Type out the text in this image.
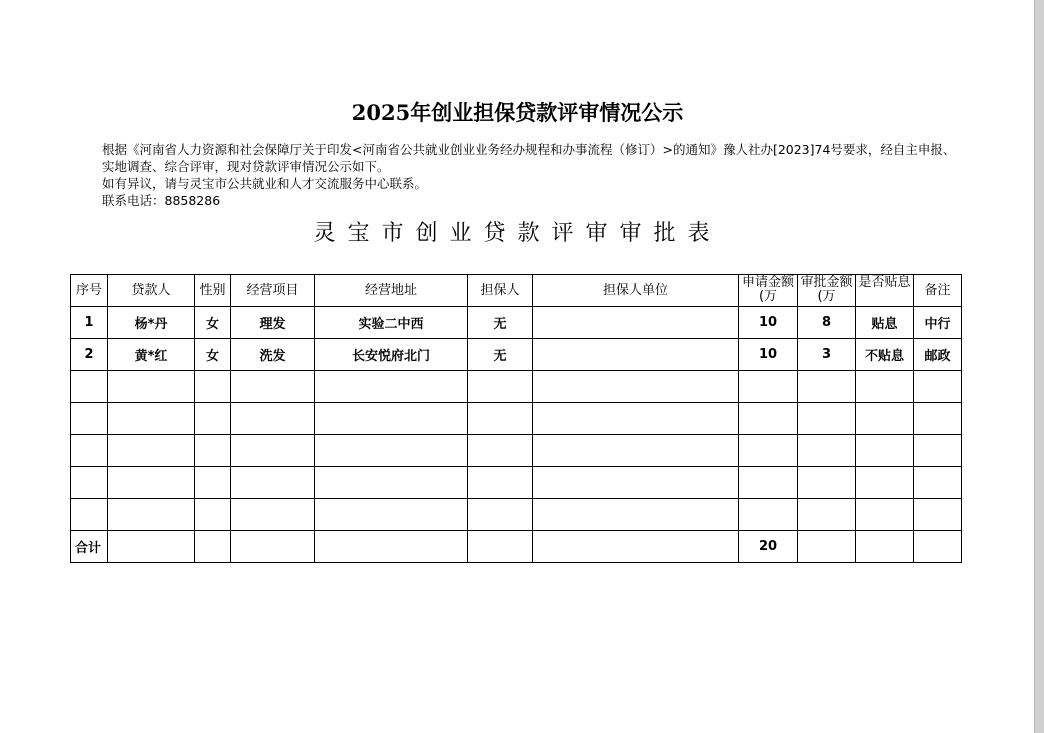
2025年创业担保贷款评审情况公示

根据《河南省人力资源和社会保障厅关于印发<河南省公共就业创业业务经办规程和办事流程（修订）>的通知》豫人社办[2023]74号要求，经自主申报、实地调查、综合评审，现对贷款评审情况公示如下。

如有异议，请与灵宝市公共就业和人才交流服务中心联系。

联系电话：8858286

灵宝市创业贷款评审审批表
序号	贷款人	性别	经营项目	经营地址	担保人	担保人单位	申请金额(万	审批金额(万	是否贴息	备注
1	杨*丹	女	理发	实验二中西	无		10	8	贴息	中行
2	黄*红	女	洗发	长安悦府北门	无		10	3	不贴息	邮政

合计							20			
